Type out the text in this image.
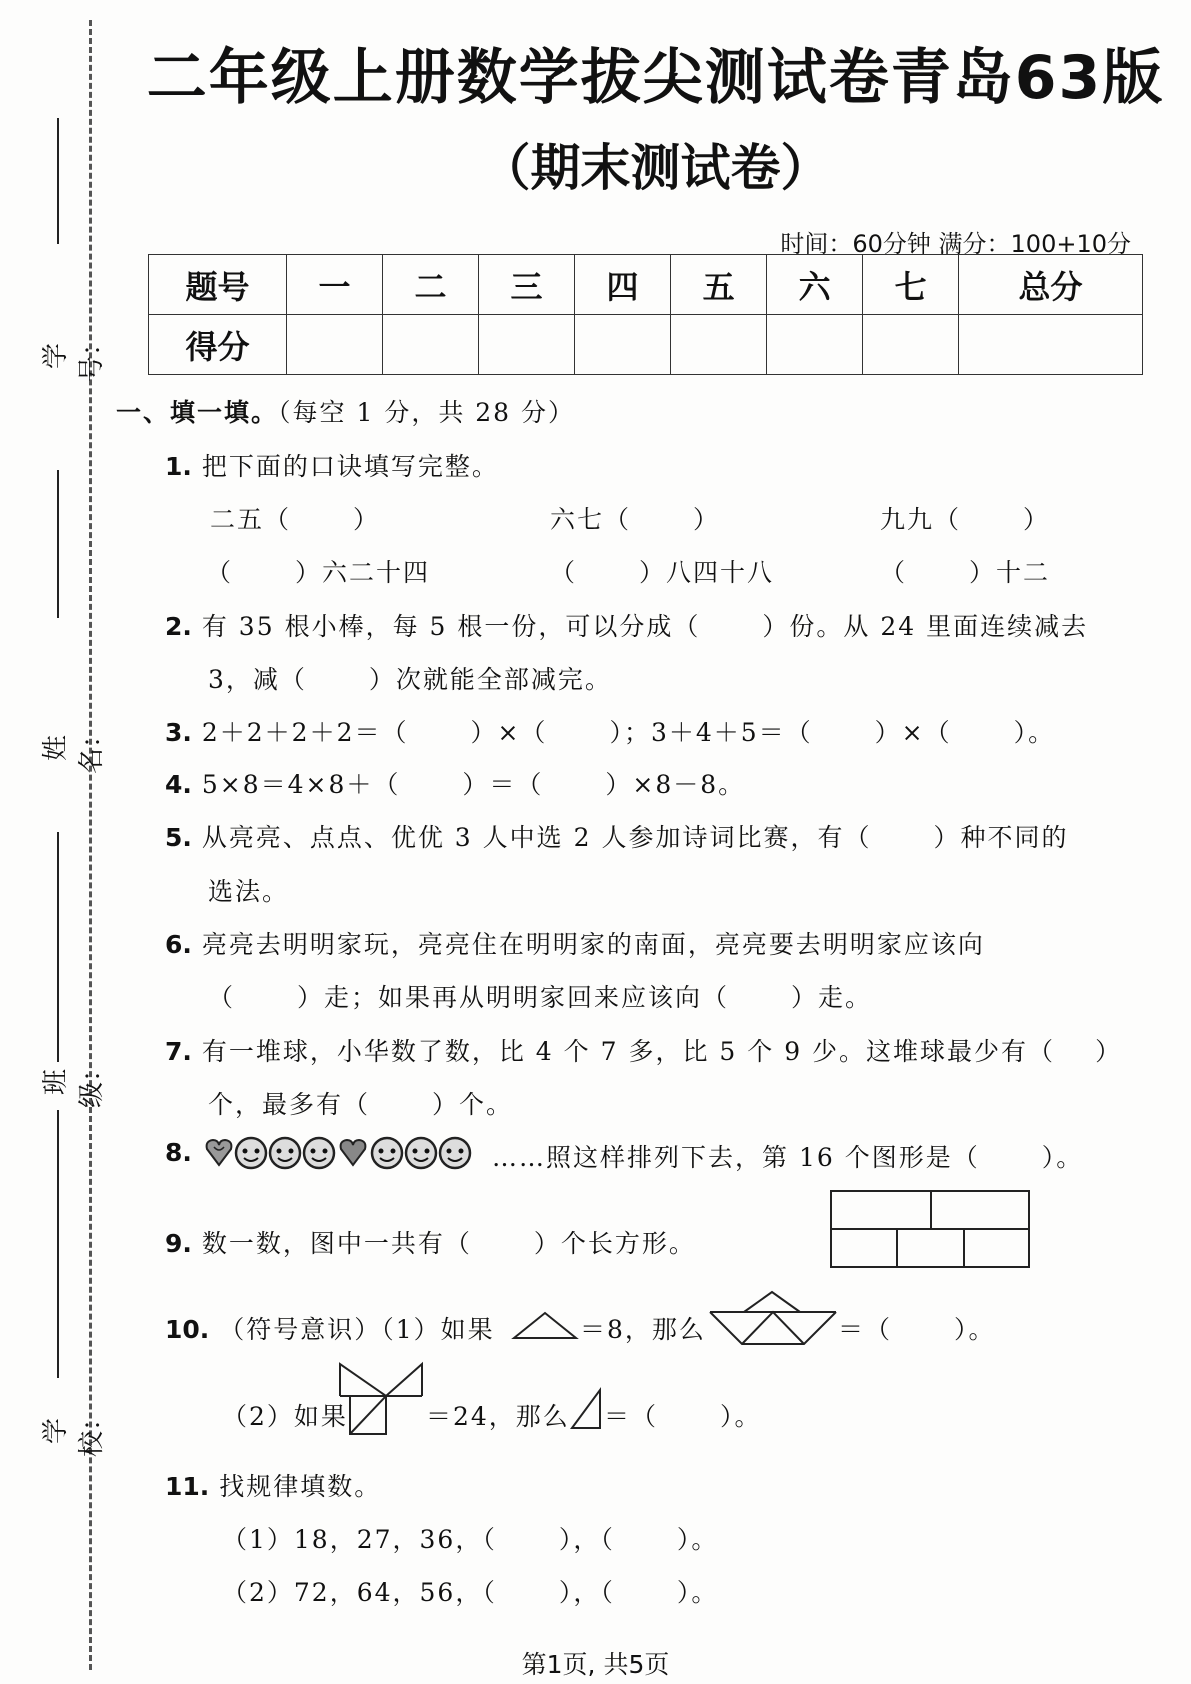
学号：
姓名：
班级：
学校：
二年级上册数学拔尖测试卷青岛63版
（期末测试卷）
时间：60分钟 满分：100+10分
题号	一	二	三	四	五	六	七	总分
得分								
一、填一填。（每空 1 分，共 28 分）
1. 把下面的口诀填写完整。
二五（ ）	六七（ ）	九九（ ）
（ ）六二十四	（ ）八四十八	（ ）十二
2. 有 35 根小棒，每 5 根一份，可以分成（ ）份。从 24 里面连续减去
3，减（ ）次就能全部减完。
3. 2＋2＋2＋2＝（ ）×（ ）；3＋4＋5＝（ ）×（ ）。
4. 5×8＝4×8＋（ ）＝（ ）×8－8。
5. 从亮亮、点点、优优 3 人中选 2 人参加诗词比赛，有（ ）种不同的
选法。
6. 亮亮去明明家玩，亮亮住在明明家的南面，亮亮要去明明家应该向
（ ）走；如果再从明明家回来应该向（ ）走。
7. 有一堆球，小华数了数，比 4 个 7 多，比 5 个 9 少。这堆球最少有（ ）
个，最多有（ ）个。
8.	……照这样排列下去，第 16 个图形是（ ）。
9. 数一数，图中一共有（ ）个长方形。
10. （符号意识）（1）如果	＝8，那么	＝（ ）。
（2）如果	＝24，那么 ＝（ ）。
11. 找规律填数。
（1）18，27，36，（ ），（ ）。
（2）72，64，56，（ ），（ ）。
第1页, 共5页
